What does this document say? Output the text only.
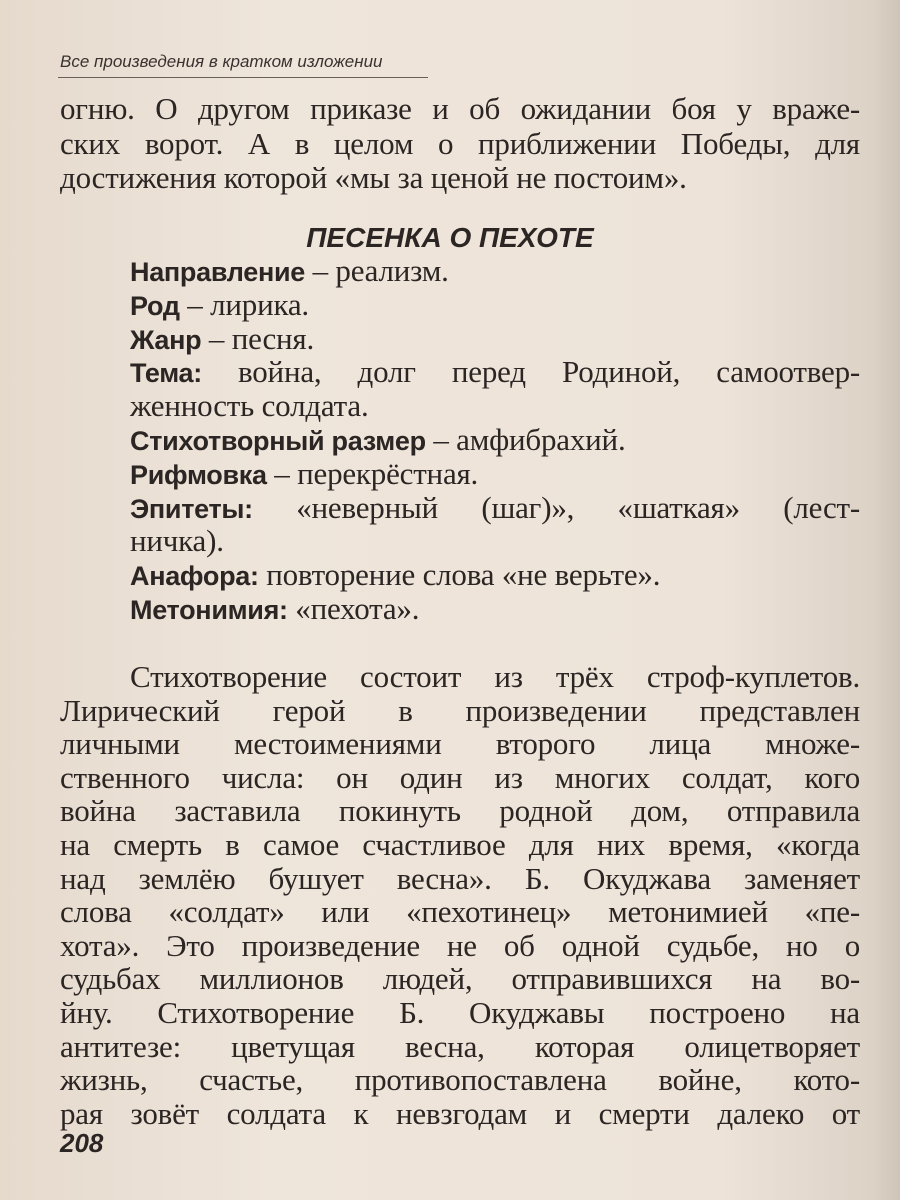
Все произведения в кратком изложении
огню. О другом приказе и об ожидании боя у враже-
ских ворот. А в целом о приближении Победы, для
достижения которой «мы за ценой не постоим».
Направление – реализм.
Род – лирика.
Жанр – песня.
Тема: война, долг перед Родиной, самоотвер-
женность солдата.
Стихотворный размер – амфибрахий.
Рифмовка – перекрёстная.
Эпитеты: «неверный (шаг)», «шаткая» (лест-
ничка).
Анафора: повторение слова «не верьте».
Метонимия: «пехота».
Стихотворение состоит из трёх строф-куплетов.
Лирический герой в произведении представлен
личными местоимениями второго лица множе-
ственного числа: он один из многих солдат, кого
война заставила покинуть родной дом, отправила
на смерть в самое счастливое для них время, «когда
над землёю бушует весна». Б. Окуджава заменяет
слова «солдат» или «пехотинец» метонимией «пе-
хота». Это произведение не об одной судьбе, но о
судьбах миллионов людей, отправившихся на во-
йну. Стихотворение Б. Окуджавы построено на
антитезе: цветущая весна, которая олицетворяет
жизнь, счастье, противопоставлена войне, кото-
рая зовёт солдата к невзгодам и смерти далеко от
ПЕСЕНКА О ПЕХОТЕ
208
